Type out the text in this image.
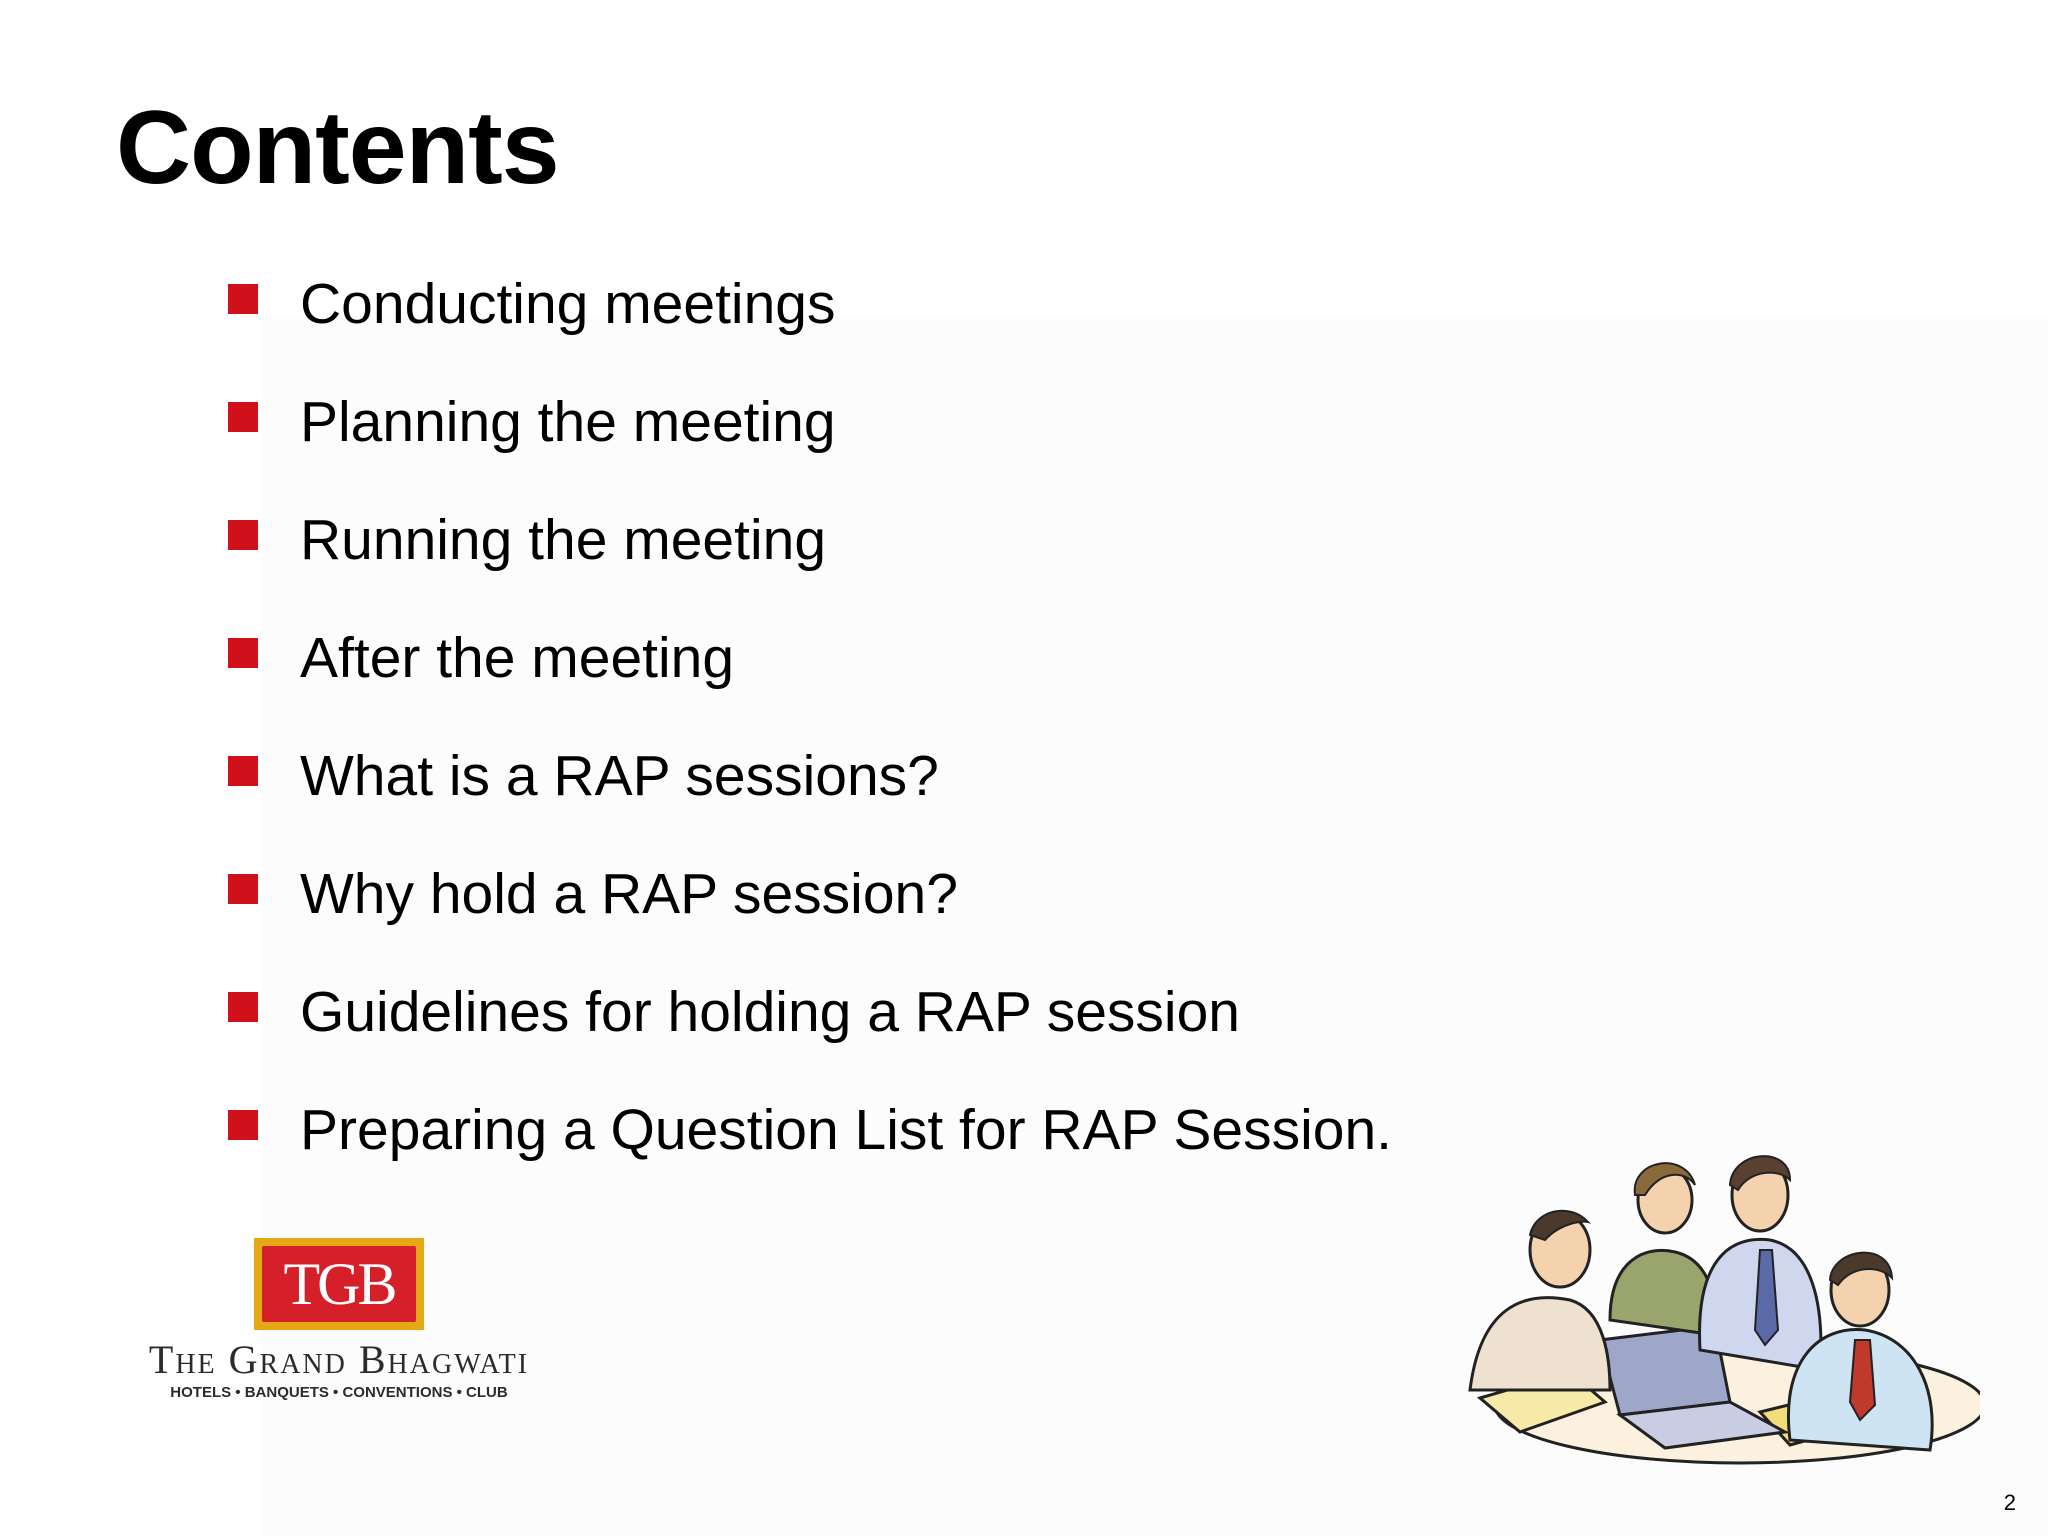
Contents
Conducting meetings
Planning the meeting
Running the meeting
After the meeting
What is a RAP sessions?
Why hold a RAP session?
Guidelines for holding a RAP session
Preparing a Question List for RAP Session.
TGB
The Grand Bhagwati
HOTELS • BANQUETS • CONVENTIONS • CLUB
2
